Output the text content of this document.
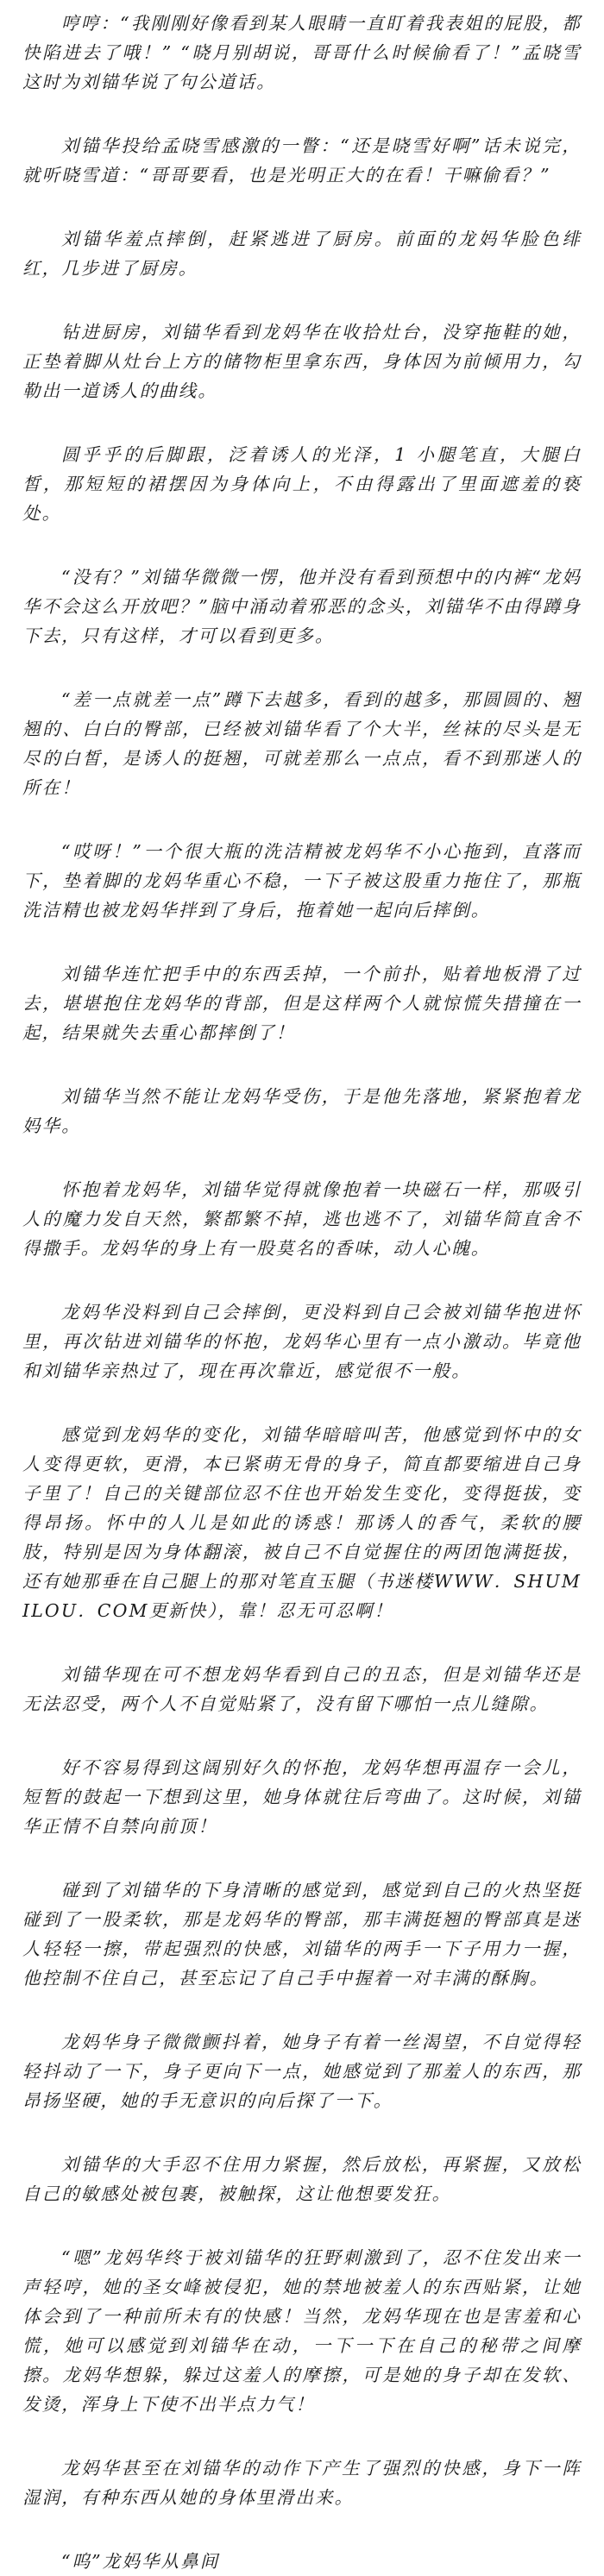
哼哼：“我刚刚好像看到某人眼睛一直盯着我表姐的屁股，都快陷进去了哦！” “晓月别胡说，哥哥什么时候偷看了！”孟晓雪这时为刘锚华说了句公道话。

刘锚华投给孟晓雪感激的一瞥：“还是晓雪好啊”话未说完，就听晓雪道：“哥哥要看，也是光明正大的在看！干嘛偷看？”

刘锚华羞点摔倒，赶紧逃进了厨房。前面的龙妈华脸色绯红，几步进了厨房。

钻进厨房，刘锚华看到龙妈华在收拾灶台，没穿拖鞋的她，正垫着脚从灶台上方的储物柜里拿东西，身体因为前倾用力，勾勒出一道诱人的曲线。

圆乎乎的后脚跟，泛着诱人的光泽，1 小腿笔直，大腿白皙，那短短的裙摆因为身体向上，不由得露出了里面遮羞的亵处。

“没有？”刘锚华微微一愣，他并没有看到预想中的内裤“龙妈华不会这么开放吧？”脑中涌动着邪恶的念头，刘锚华不由得蹲身下去，只有这样，才可以看到更多。

“差一点就差一点”蹲下去越多，看到的越多，那圆圆的、翘翘的、白白的臀部，已经被刘锚华看了个大半，丝袜的尽头是无尽的白皙，是诱人的挺翘，可就差那么一点点，看不到那迷人的所在！

“哎呀！”一个很大瓶的洗洁精被龙妈华不小心拖到，直落而下，垫着脚的龙妈华重心不稳，一下子被这股重力拖住了，那瓶洗洁精也被龙妈华拌到了身后，拖着她一起向后摔倒。

刘锚华连忙把手中的东西丢掉，一个前扑，贴着地板滑了过去，堪堪抱住龙妈华的背部，但是这样两个人就惊慌失措撞在一起，结果就失去重心都摔倒了！

刘锚华当然不能让龙妈华受伤，于是他先落地，紧紧抱着龙妈华。

怀抱着龙妈华，刘锚华觉得就像抱着一块磁石一样，那吸引人的魔力发自天然，繁都繁不掉，逃也逃不了，刘锚华简直舍不得撒手。龙妈华的身上有一股莫名的香味，动人心魄。

龙妈华没料到自己会摔倒，更没料到自己会被刘锚华抱进怀里，再次钻进刘锚华的怀抱，龙妈华心里有一点小激动。毕竟他和刘锚华亲热过了，现在再次靠近，感觉很不一般。

感觉到龙妈华的变化，刘锚华暗暗叫苦，他感觉到怀中的女人变得更软，更滑，本已紧萌无骨的身子，简直都要缩进自己身子里了！自己的关键部位忍不住也开始发生变化，变得挺拔，变得昂扬。怀中的人儿是如此的诱惑！那诱人的香气，柔软的腰肢，特别是因为身体翻滚，被自己不自觉握住的两团饱满挺拔，还有她那垂在自己腿上的那对笔直玉腿（书迷楼WWW．SHUMILOU．COM更新快），靠！忍无可忍啊！

刘锚华现在可不想龙妈华看到自己的丑态，但是刘锚华还是无法忍受，两个人不自觉贴紧了，没有留下哪怕一点儿缝隙。

好不容易得到这阔别好久的怀抱，龙妈华想再温存一会儿，短暂的鼓起一下想到这里，她身体就往后弯曲了。这时候，刘锚华正情不自禁向前顶！

碰到了刘锚华的下身清晰的感觉到，感觉到自己的火热坚挺碰到了一股柔软，那是龙妈华的臀部，那丰满挺翘的臀部真是迷人轻轻一擦，带起强烈的快感，刘锚华的两手一下子用力一握，他控制不住自己，甚至忘记了自己手中握着一对丰满的酥胸。

龙妈华身子微微颤抖着，她身子有着一丝渴望，不自觉得轻轻抖动了一下，身子更向下一点，她感觉到了那羞人的东西，那昂扬坚硬，她的手无意识的向后探了一下。

刘锚华的大手忍不住用力紧握，然后放松，再紧握，又放松自己的敏感处被包裹，被触探，这让他想要发狂。

“嗯”龙妈华终于被刘锚华的狂野刺激到了，忍不住发出来一声轻哼，她的圣女峰被侵犯，她的禁地被羞人的东西贴紧，让她体会到了一种前所未有的快感！当然，龙妈华现在也是害羞和心慌，她可以感觉到刘锚华在动，一下一下在自己的秘带之间摩擦。龙妈华想躲，躲过这羞人的摩擦，可是她的身子却在发软、发烫，浑身上下使不出半点力气！

龙妈华甚至在刘锚华的动作下产生了强烈的快感，身下一阵湿润，有种东西从她的身体里滑出来。

“呜”龙妈华从鼻间
